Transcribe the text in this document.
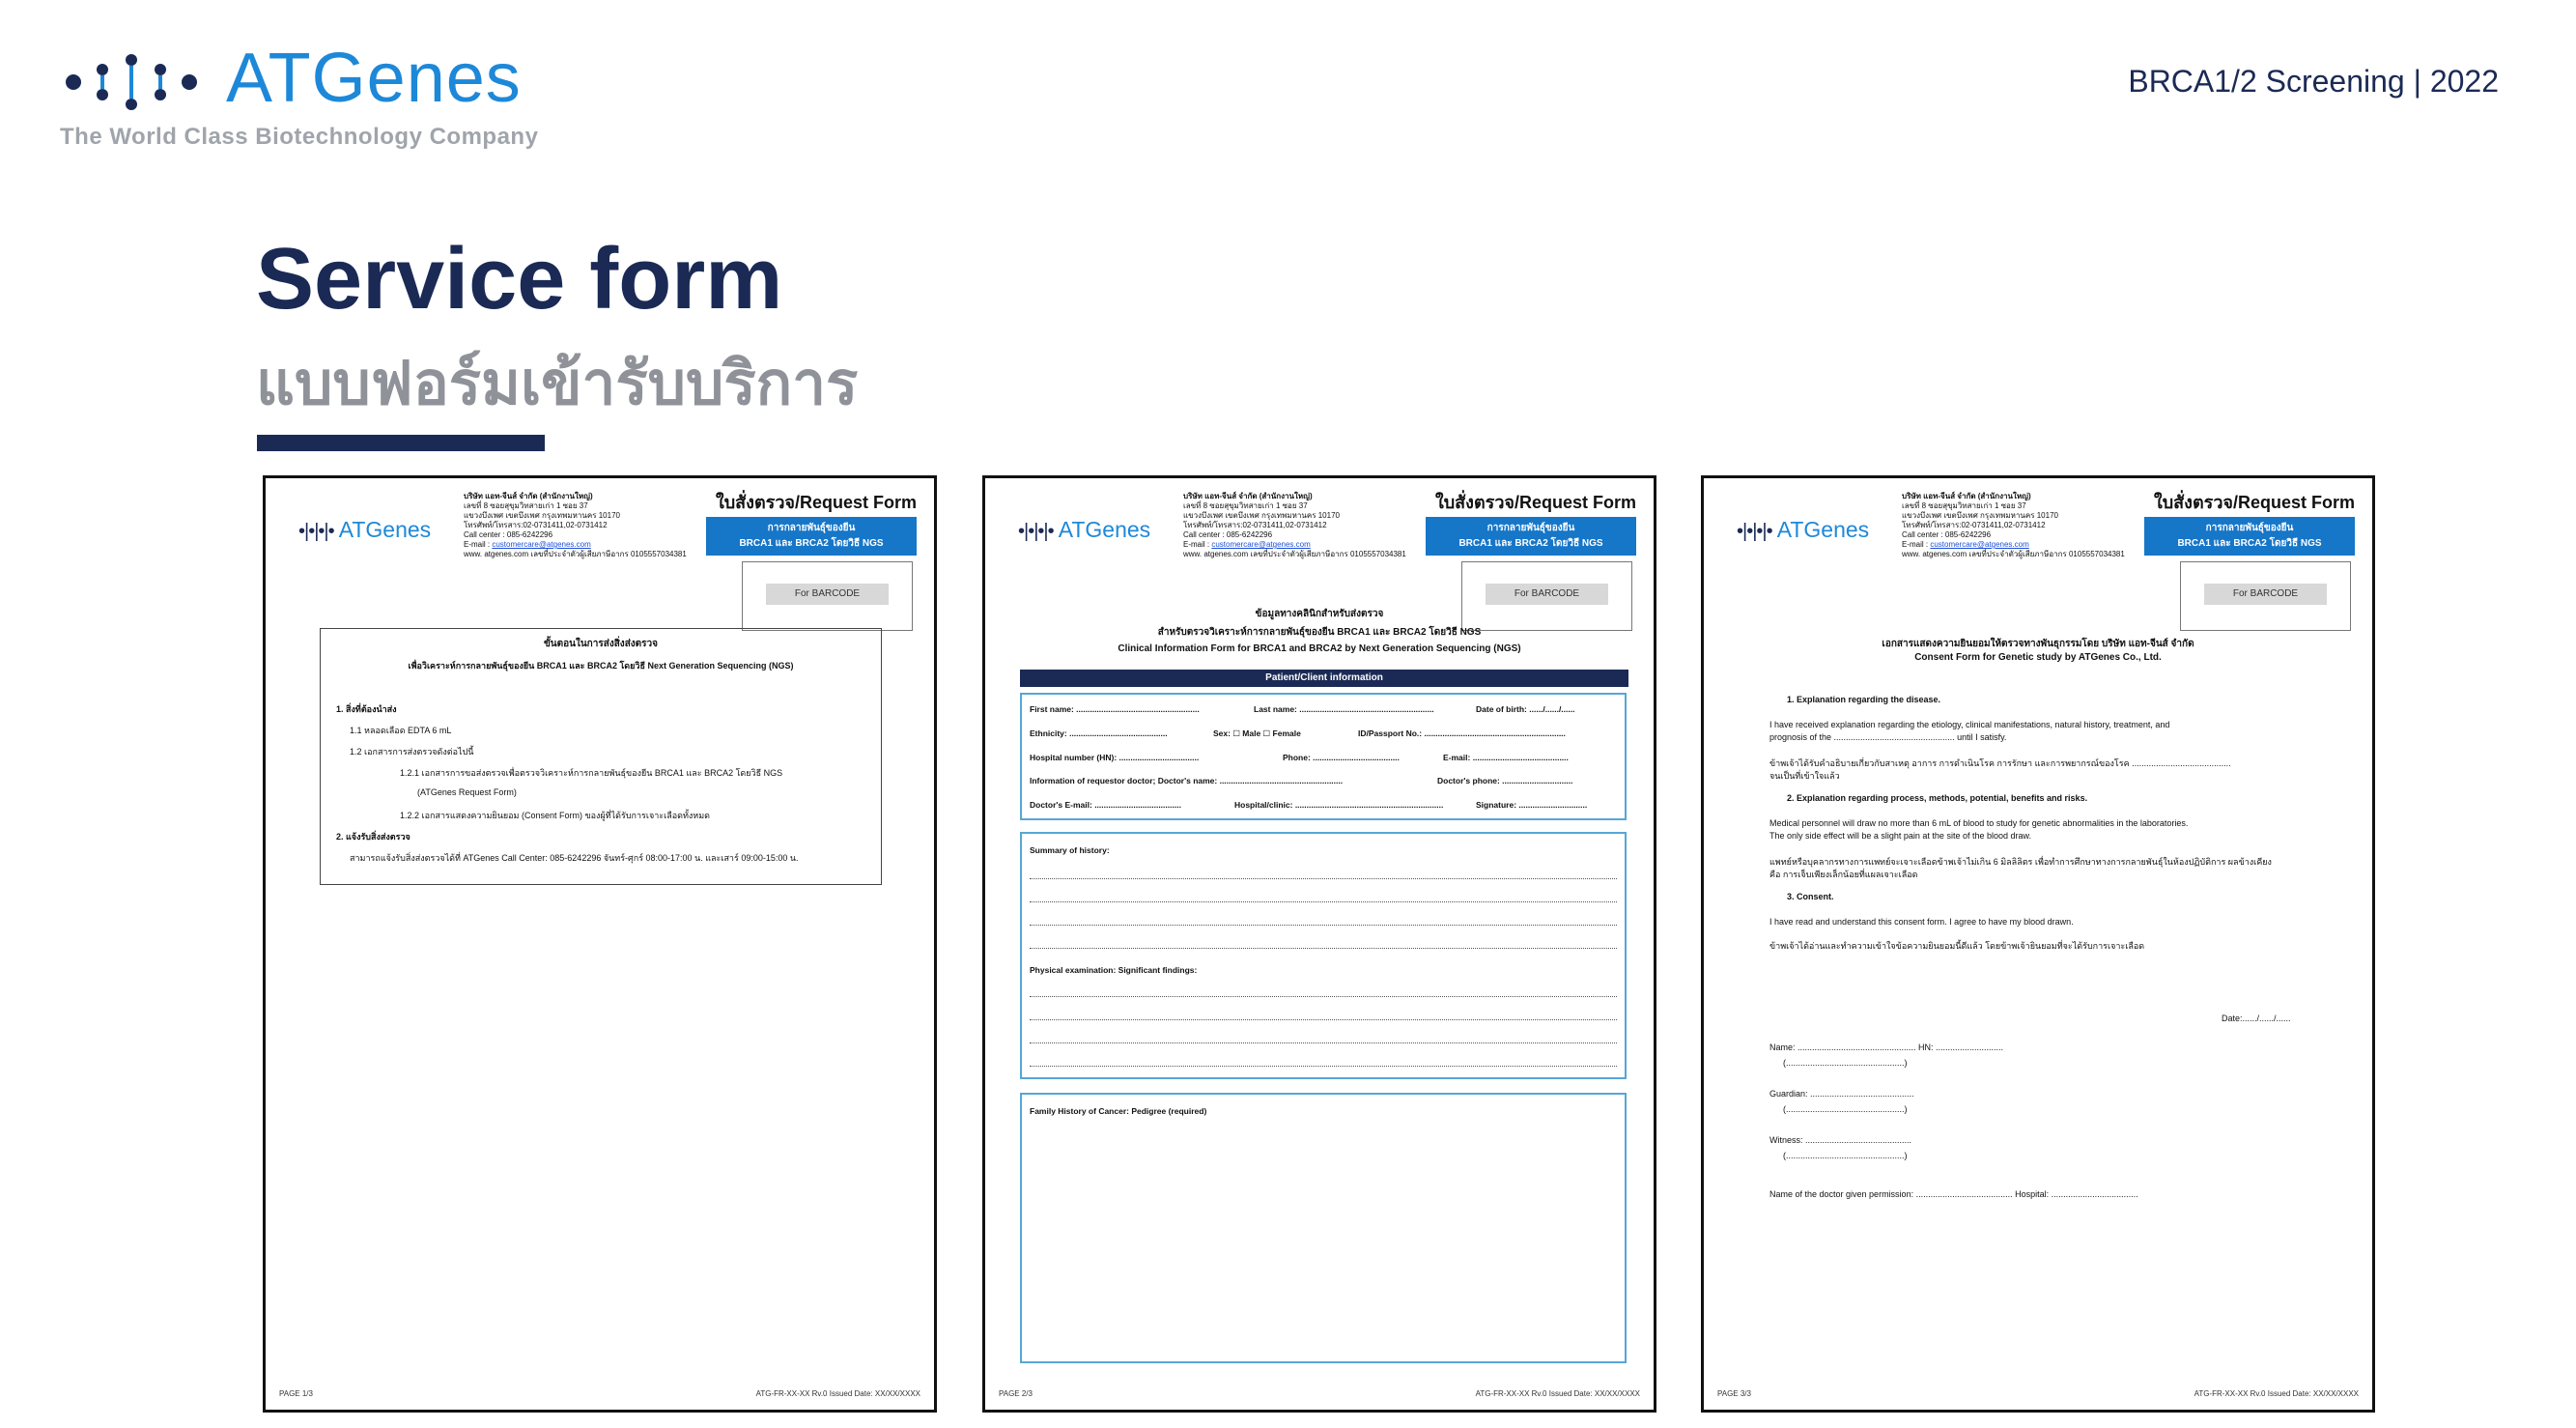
ATGenes
The World Class Biotechnology Company
BRCA1/2 Screening | 2022
Service form
แบบฟอร์มเข้ารับบริการ
•|•|•|• ATGenes
บริษัท แอท-จีนส์ จำกัด (สำนักงานใหญ่)
เลขที่ 8 ซอยสุขุมวิทสายเก่า 1 ซอย 37
แขวงบึงเพศ เขตบึงเพศ กรุงเทพมหานคร 10170
โทรศัพท์/โทรสาร:02-0731411,02-0731412
Call center : 085-6242296
E-mail : customercare@atgenes.com
www. atgenes.com เลขที่ประจำตัวผู้เสียภาษีอากร 0105557034381
ใบสั่งตรวจ/Request Form
การกลายพันธุ์ของยีน
BRCA1 และ BRCA2 โดยวิธี NGS
For BARCODE
ขั้นตอนในการส่งสิ่งส่งตรวจ
เพื่อวิเคราะห์การกลายพันธุ์ของยีน BRCA1 และ BRCA2 โดยวิธี Next Generation Sequencing (NGS)
1. สิ่งที่ต้องนำส่ง
1.1 หลอดเลือด EDTA 6 mL
1.2 เอกสารการส่งตรวจดังต่อไปนี้
1.2.1 เอกสารการขอส่งตรวจเพื่อตรวจวิเคราะห์การกลายพันธุ์ของยีน BRCA1 และ BRCA2 โดยวิธี NGS
(ATGenes Request Form)
1.2.2 เอกสารแสดงความยินยอม (Consent Form) ของผู้ที่ได้รับการเจาะเลือดทั้งหมด
2. แจ้งรับสิ่งส่งตรวจ
สามารถแจ้งรับสิ่งส่งตรวจได้ที่ ATGenes Call Center: 085-6242296 จันทร์-ศุกร์ 08:00-17:00 น. และเสาร์ 09:00-15:00 น.
PAGE 1/3	ATG-FR-XX-XX Rv.0 Issued Date: XX/XX/XXXX
•|•|•|• ATGenes
บริษัท แอท-จีนส์ จำกัด (สำนักงานใหญ่)
เลขที่ 8 ซอยสุขุมวิทสายเก่า 1 ซอย 37
แขวงบึงเพศ เขตบึงเพศ กรุงเทพมหานคร 10170
โทรศัพท์/โทรสาร:02-0731411,02-0731412
Call center : 085-6242296
E-mail : customercare@atgenes.com
www. atgenes.com เลขที่ประจำตัวผู้เสียภาษีอากร 0105557034381
ใบสั่งตรวจ/Request Form
การกลายพันธุ์ของยีน
BRCA1 และ BRCA2 โดยวิธี NGS
For BARCODE
ข้อมูลทางคลินิกสำหรับส่งตรวจ
สำหรับตรวจวิเคราะห์การกลายพันธุ์ของยีน BRCA1 และ BRCA2 โดยวิธี NGS
Clinical Information Form for BRCA1 and BRCA2 by Next Generation Sequencing (NGS)
Patient/Client information
First name: ......................................................	Last name: ...........................................................	Date of birth: ....../....../......
Ethnicity: ...........................................	Sex: ☐ Male ☐ Female	ID/Passport No.: ..............................................................
Hospital number (HN): ...................................	Phone: ......................................	E-mail: ..........................................
Information of requestor doctor; Doctor's name: ......................................................	Doctor's phone: ...............................
Doctor's E-mail: ......................................	Hospital/clinic: .................................................................	Signature: ..............................
Summary of history:
Physical examination: Significant findings:
Family History of Cancer: Pedigree (required)
PAGE 2/3	ATG-FR-XX-XX Rv.0 Issued Date: XX/XX/XXXX
•|•|•|• ATGenes
บริษัท แอท-จีนส์ จำกัด (สำนักงานใหญ่)
เลขที่ 8 ซอยสุขุมวิทสายเก่า 1 ซอย 37
แขวงบึงเพศ เขตบึงเพศ กรุงเทพมหานคร 10170
โทรศัพท์/โทรสาร:02-0731411,02-0731412
Call center : 085-6242296
E-mail : customercare@atgenes.com
www. atgenes.com เลขที่ประจำตัวผู้เสียภาษีอากร 0105557034381
ใบสั่งตรวจ/Request Form
การกลายพันธุ์ของยีน
BRCA1 และ BRCA2 โดยวิธี NGS
For BARCODE
เอกสารแสดงความยินยอมให้ตรวจทางพันธุกรรมโดย บริษัท แอท-จีนส์ จำกัด
Consent Form for Genetic study by ATGenes Co., Ltd.
1. Explanation regarding the disease.
I have received explanation regarding the etiology, clinical manifestations, natural history, treatment, and
prognosis of the .................................................. until I satisfy.
ข้าพเจ้าได้รับคำอธิบายเกี่ยวกับสาเหตุ อาการ การดำเนินโรค การรักษา และการพยากรณ์ของโรค .........................................
จนเป็นที่เข้าใจแล้ว
2. Explanation regarding process, methods, potential, benefits and risks.
Medical personnel will draw no more than 6 mL of blood to study for genetic abnormalities in the laboratories.
The only side effect will be a slight pain at the site of the blood draw.
แพทย์หรือบุคลากรทางการแพทย์จะเจาะเลือดข้าพเจ้าไม่เกิน 6 มิลลิลิตร เพื่อทำการศึกษาทางการกลายพันธุ์ในห้องปฏิบัติการ ผลข้างเคียง
คือ การเจ็บเพียงเล็กน้อยที่แผลเจาะเลือด
3. Consent.
I have read and understand this consent form. I agree to have my blood drawn.
ข้าพเจ้าได้อ่านและทำความเข้าใจข้อความยินยอมนี้ดีแล้ว โดยข้าพเจ้ายินยอมที่จะได้รับการเจาะเลือด
Date:....../....../......
Name: ................................................. HN: ............................
(.................................................)
Guardian: ...........................................
(.................................................)
Witness: ............................................
(.................................................)
Name of the doctor given permission: ........................................ Hospital: ....................................
PAGE 3/3	ATG-FR-XX-XX Rv.0 Issued Date: XX/XX/XXXX
